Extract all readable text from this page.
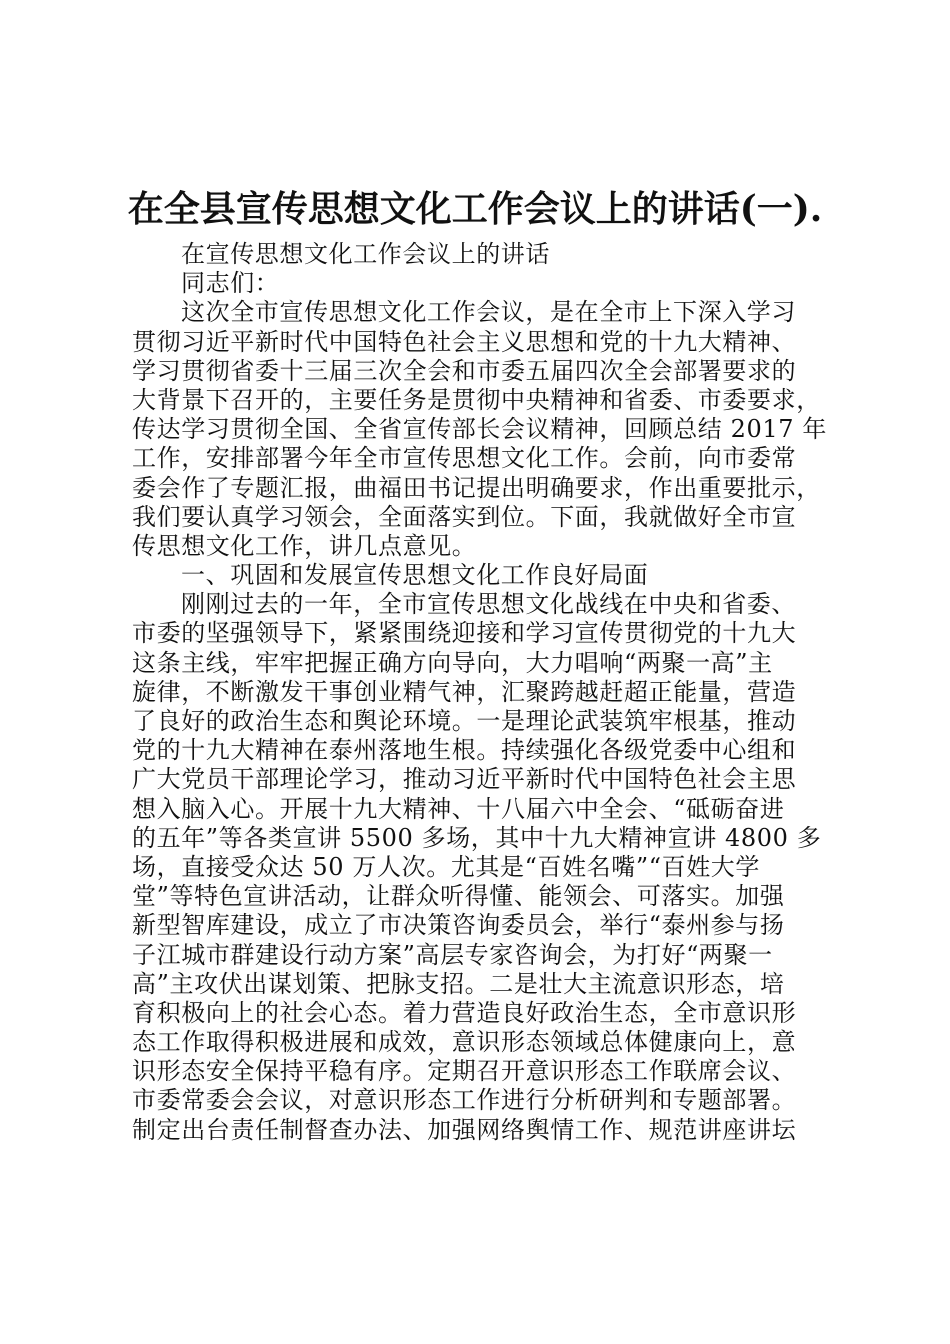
在全县宣传思想文化工作会议上的讲话(一).
在宣传思想文化工作会议上的讲话
同志们：
这次全市宣传思想文化工作会议，是在全市上下深入学习
贯彻习近平新时代中国特色社会主义思想和党的十九大精神、
学习贯彻省委十三届三次全会和市委五届四次全会部署要求的
大背景下召开的，主要任务是贯彻中央精神和省委、市委要求，
传达学习贯彻全国、全省宣传部长会议精神，回顾总结 2017 年
工作，安排部署今年全市宣传思想文化工作。会前，向市委常
委会作了专题汇报，曲福田书记提出明确要求，作出重要批示，
我们要认真学习领会，全面落实到位。下面，我就做好全市宣
传思想文化工作，讲几点意见。
一、巩固和发展宣传思想文化工作良好局面
刚刚过去的一年，全市宣传思想文化战线在中央和省委、
市委的坚强领导下，紧紧围绕迎接和学习宣传贯彻党的十九大
这条主线，牢牢把握正确方向导向，大力唱响“两聚一高”主
旋律，不断激发干事创业精气神，汇聚跨越赶超正能量，营造
了良好的政治生态和舆论环境。一是理论武装筑牢根基，推动
党的十九大精神在泰州落地生根。持续强化各级党委中心组和
广大党员干部理论学习，推动习近平新时代中国特色社会主思
想入脑入心。开展十九大精神、十八届六中全会、“砥砺奋进
的五年”等各类宣讲 5500 多场，其中十九大精神宣讲 4800 多
场，直接受众达 50 万人次。尤其是“百姓名嘴”“百姓大学
堂”等特色宣讲活动，让群众听得懂、能领会、可落实。加强
新型智库建设，成立了市决策咨询委员会，举行“泰州参与扬
子江城市群建设行动方案”高层专家咨询会，为打好“两聚一
高”主攻伏出谋划策、把脉支招。二是壮大主流意识形态，培
育积极向上的社会心态。着力营造良好政治生态，全市意识形
态工作取得积极进展和成效，意识形态领域总体健康向上，意
识形态安全保持平稳有序。定期召开意识形态工作联席会议、
市委常委会会议，对意识形态工作进行分析研判和专题部署。
制定出台责任制督查办法、加强网络舆情工作、规范讲座讲坛
